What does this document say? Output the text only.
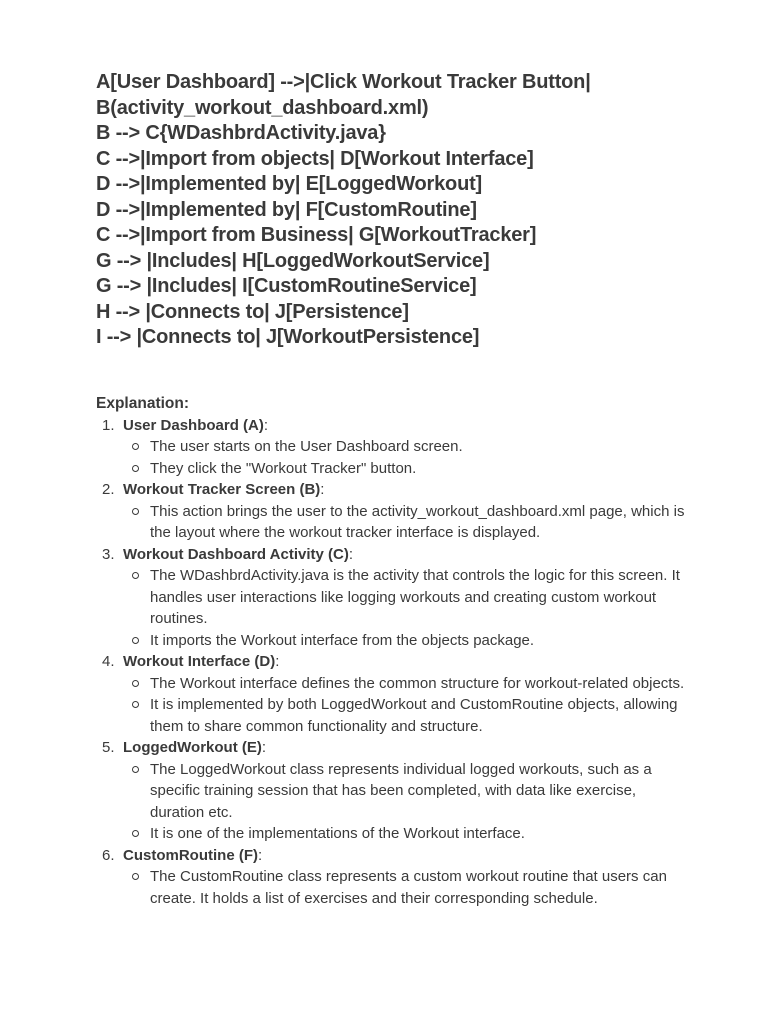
A[User Dashboard] -->|Click Workout Tracker Button|
B(activity_workout_dashboard.xml)
B --> C{WDashbrdActivity.java}
C -->|Import from objects| D[Workout Interface]
D -->|Implemented by| E[LoggedWorkout]
D -->|Implemented by| F[CustomRoutine]
C -->|Import from Business| G[WorkoutTracker]
G --> |Includes| H[LoggedWorkoutService]
G --> |Includes| I[CustomRoutineService]
H --> |Connects to| J[Persistence]
I --> |Connects to| J[WorkoutPersistence]
Explanation:
1. User Dashboard (A):
The user starts on the User Dashboard screen.
They click the "Workout Tracker" button.
2. Workout Tracker Screen (B):
This action brings the user to the activity_workout_dashboard.xml page, which is the layout where the workout tracker interface is displayed.
3. Workout Dashboard Activity (C):
The WDashbrdActivity.java is the activity that controls the logic for this screen. It handles user interactions like logging workouts and creating custom workout routines.
It imports the Workout interface from the objects package.
4. Workout Interface (D):
The Workout interface defines the common structure for workout-related objects.
It is implemented by both LoggedWorkout and CustomRoutine objects, allowing them to share common functionality and structure.
5. LoggedWorkout (E):
The LoggedWorkout class represents individual logged workouts, such as a specific training session that has been completed, with data like exercise, duration etc.
It is one of the implementations of the Workout interface.
6. CustomRoutine (F):
The CustomRoutine class represents a custom workout routine that users can create. It holds a list of exercises and their corresponding schedule.
